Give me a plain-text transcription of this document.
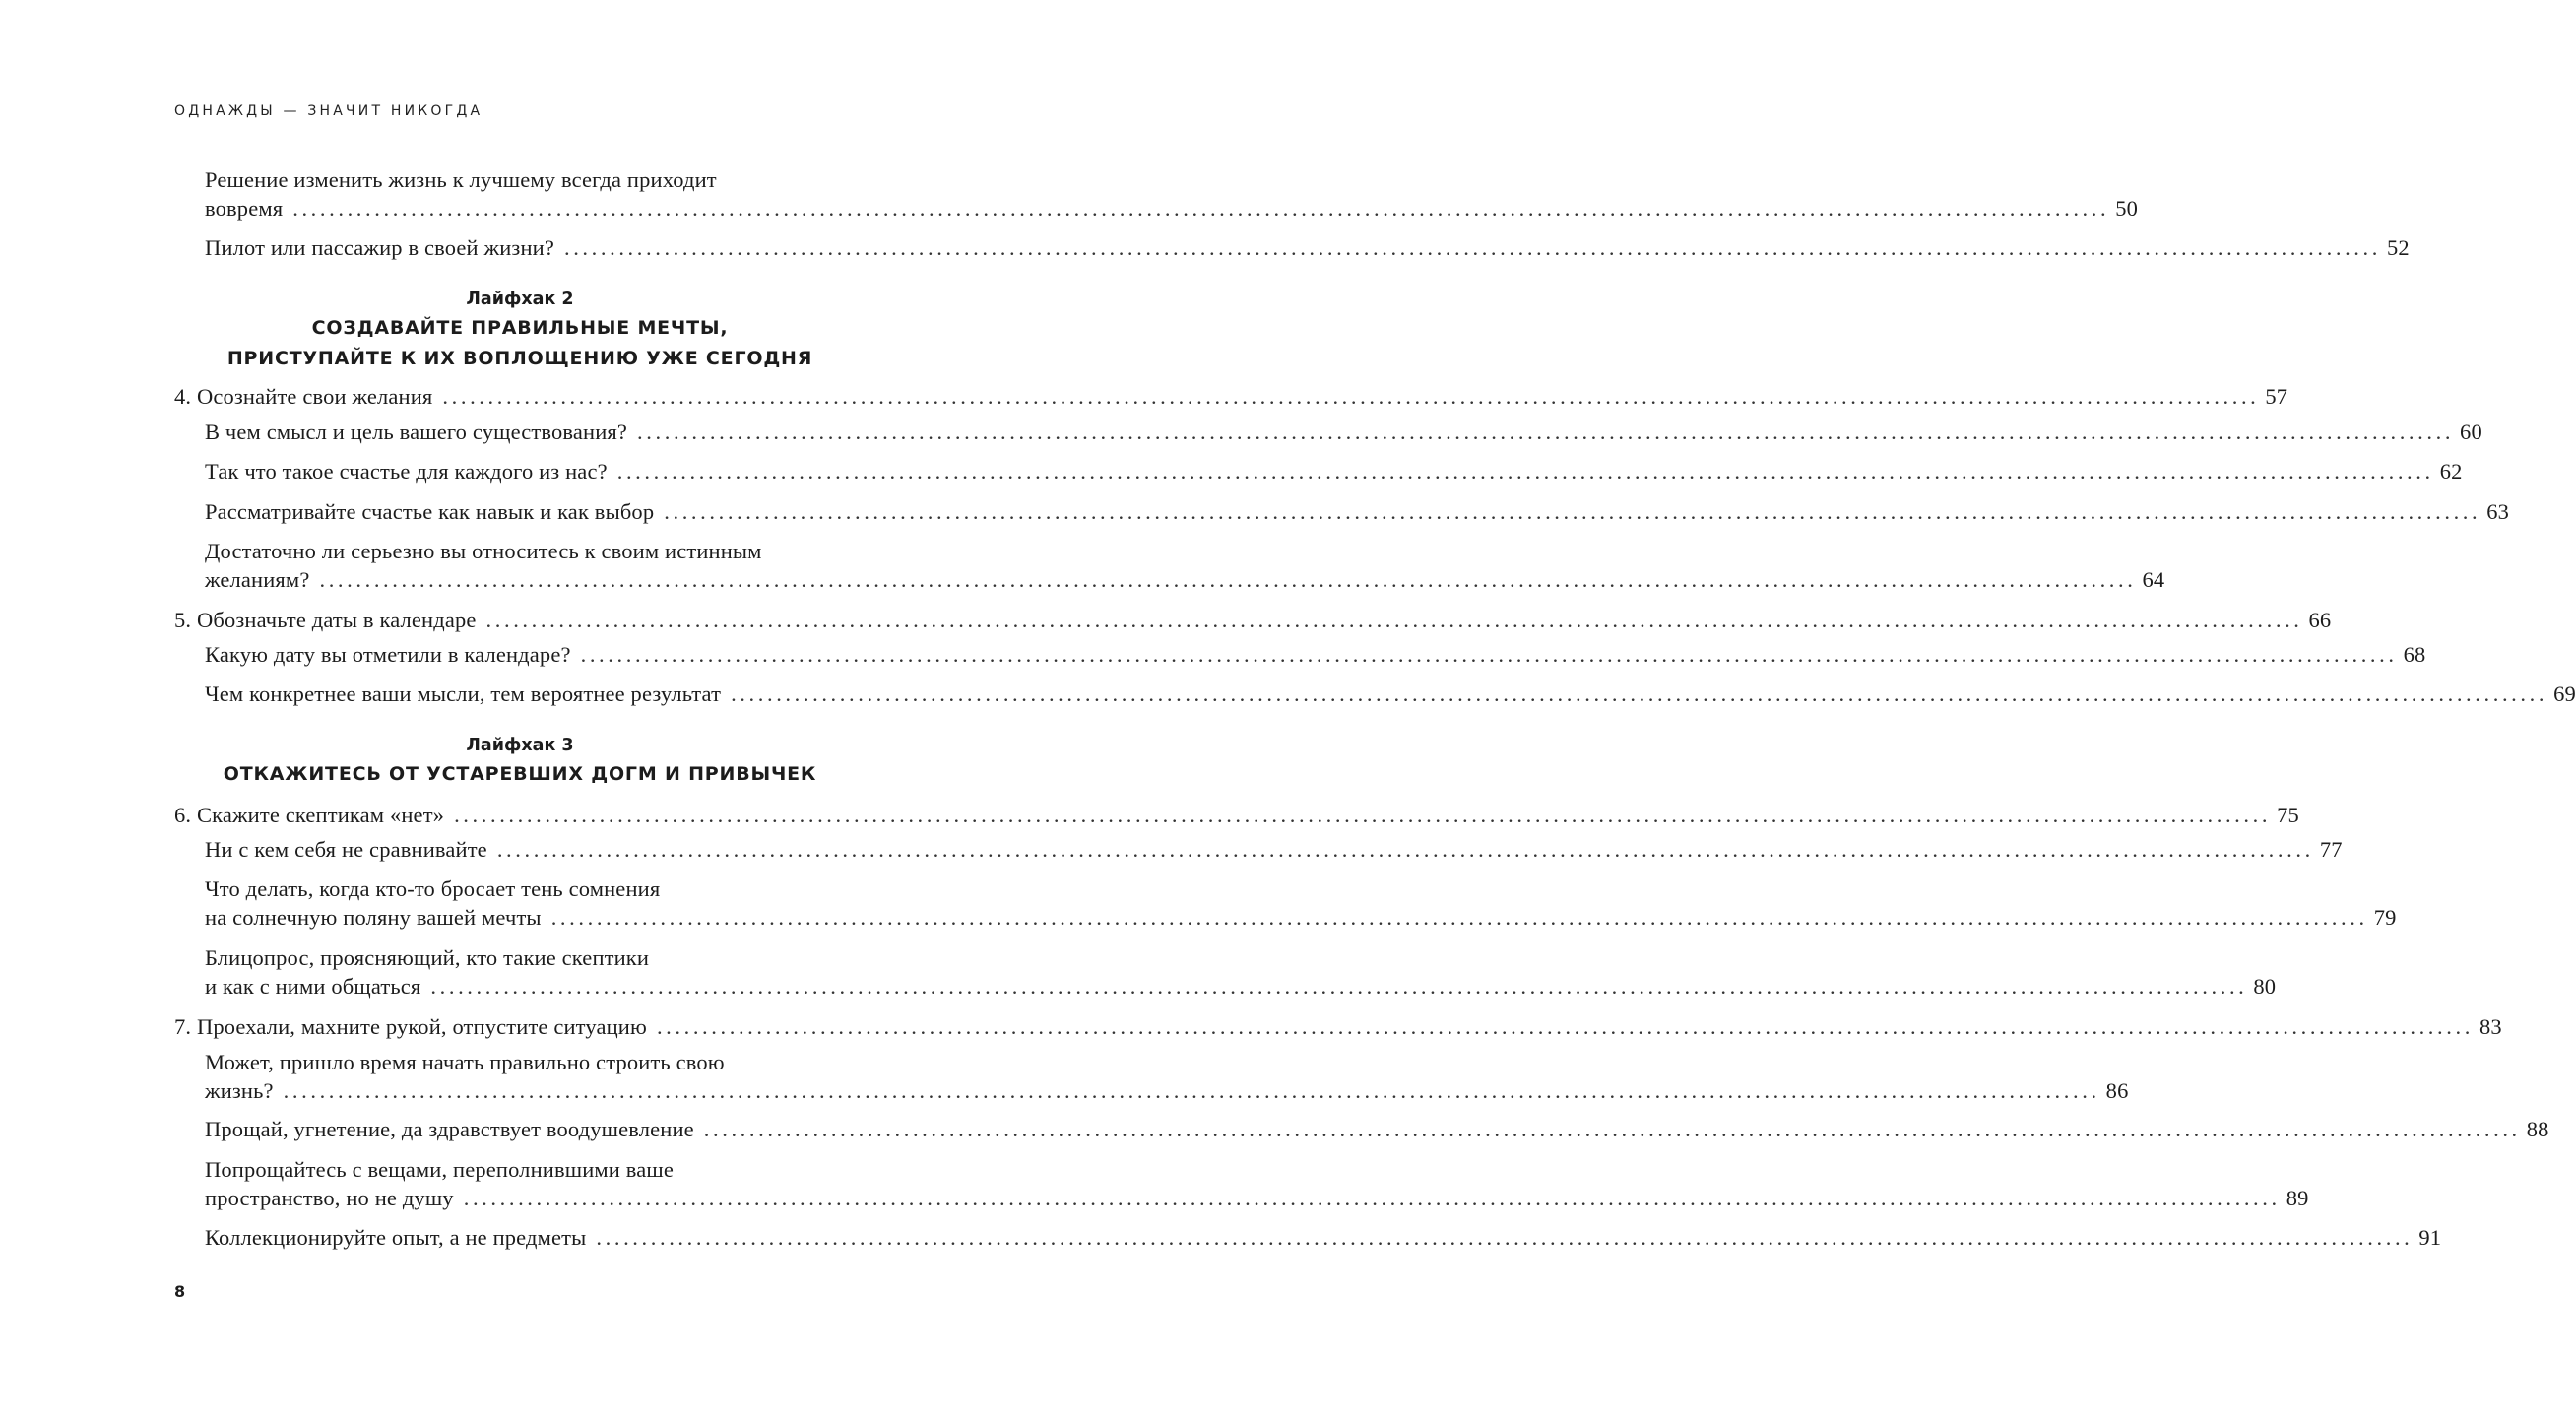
ОДНАЖДЫ — ЗНАЧИТ НИКОГДА
Решение изменить жизнь к лучшему всегда приходит
вовремя ........................................................................................................................................................................................................ 50
Пилот или пассажир в своей жизни? ........................................................................................................................................................................................................ 52
4. Осознайте свои желания ........................................................................................................................................................................................................ 57
В чем смысл и цель вашего существования? ........................................................................................................................................................................................................ 60
Так что такое счастье для каждого из нас? ........................................................................................................................................................................................................ 62
Рассматривайте счастье как навык и как выбор ........................................................................................................................................................................................................ 63
Достаточно ли серьезно вы относитесь к своим истинным
желаниям? ........................................................................................................................................................................................................ 64
5. Обозначьте даты в календаре ........................................................................................................................................................................................................ 66
Какую дату вы отметили в календаре? ........................................................................................................................................................................................................ 68
Чем конкретнее ваши мысли, тем вероятнее результат ........................................................................................................................................................................................................ 69
6. Скажите скептикам «нет» ........................................................................................................................................................................................................ 75
Ни с кем себя не сравнивайте ........................................................................................................................................................................................................ 77
Что делать, когда кто-то бросает тень сомнения
на солнечную поляну вашей мечты ........................................................................................................................................................................................................ 79
Блицопрос, проясняющий, кто такие скептики
и как с ними общаться ........................................................................................................................................................................................................ 80
7. Проехали, махните рукой, отпустите ситуацию ........................................................................................................................................................................................................ 83
Может, пришло время начать правильно строить свою
жизнь? ........................................................................................................................................................................................................ 86
Прощай, угнетение, да здравствует воодушевление ........................................................................................................................................................................................................ 88
Попрощайтесь с вещами, переполнившими ваше
пространство, но не душу ........................................................................................................................................................................................................ 89
Коллекционируйте опыт, а не предметы ........................................................................................................................................................................................................ 91
Лайфхак 2
СОЗДАВАЙТЕ ПРАВИЛЬНЫЕ МЕЧТЫ,
ПРИСТУПАЙТЕ К ИХ ВОПЛОЩЕНИЮ УЖЕ СЕГОДНЯ
Лайфхак 3
ОТКАЖИТЕСЬ ОТ УСТАРЕВШИХ ДОГМ И ПРИВЫЧЕК
8
